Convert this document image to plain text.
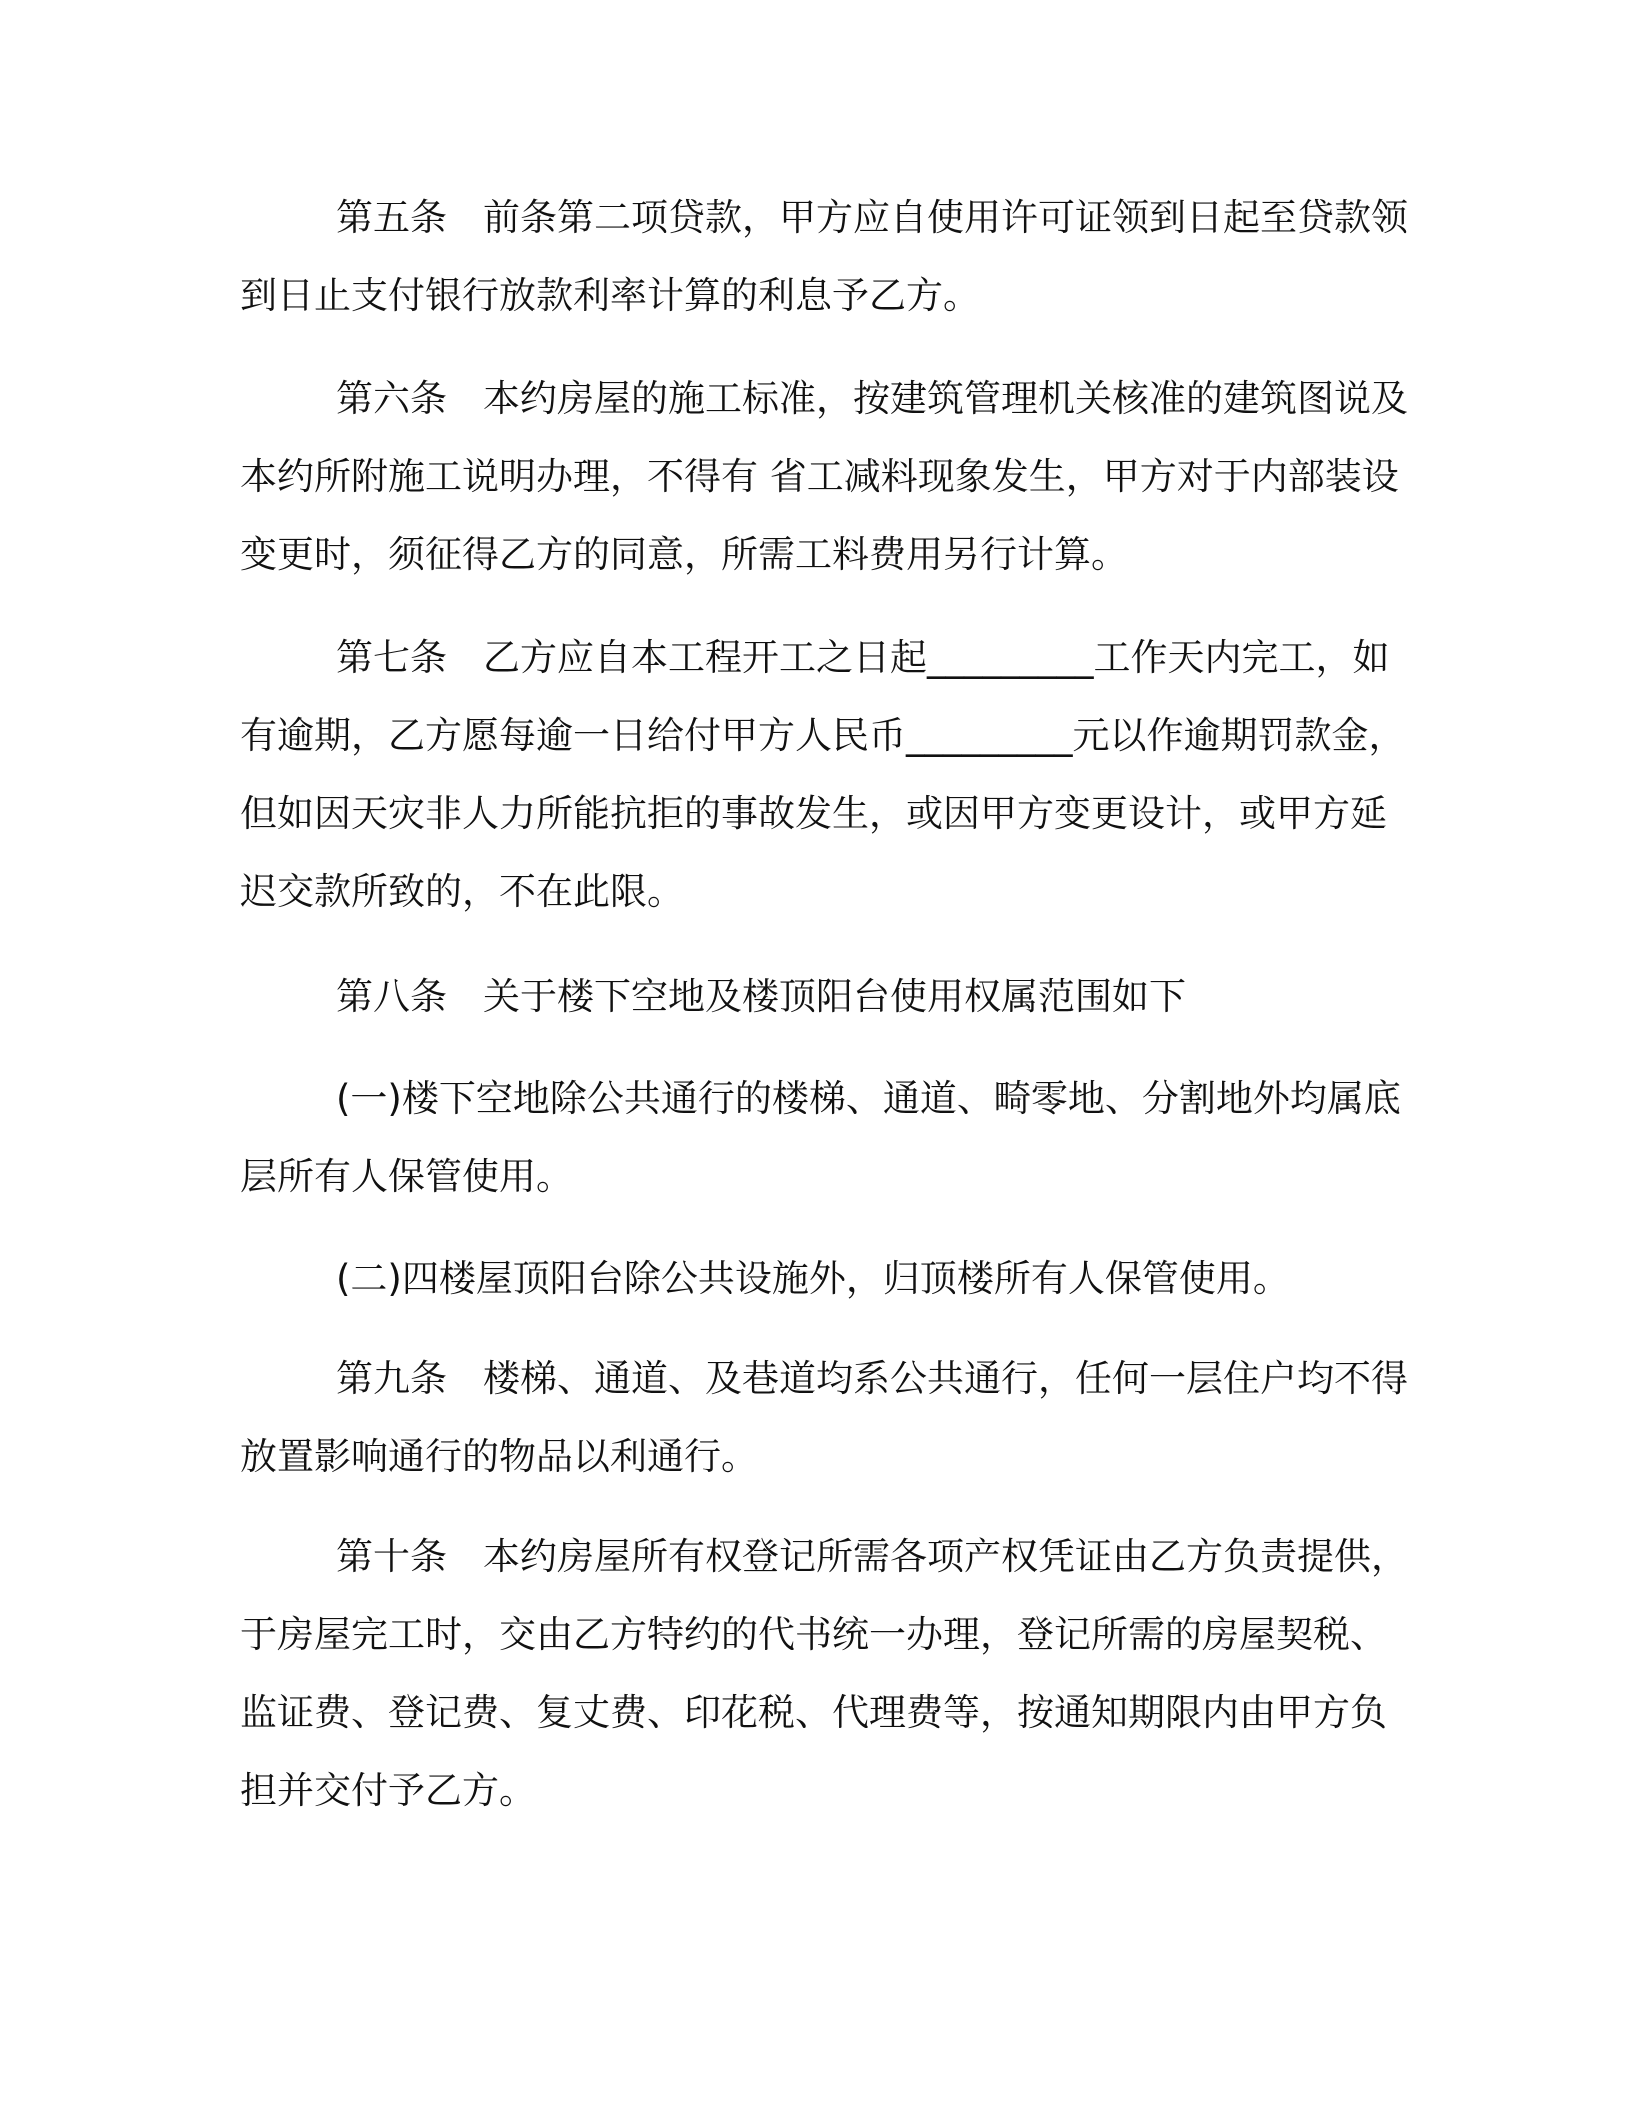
第五条 前条第二项贷款，甲方应自使用许可证领到日起至贷款领到日止支付银行放款利率计算的利息予乙方。

第六条 本约房屋的施工标准，按建筑管理机关核准的建筑图说及本约所附施工说明办理，不得有 省工减料现象发生，甲方对于内部装设变更时，须征得乙方的同意，所需工料费用另行计算。

第七条 乙方应自本工程开工之日起_________工作天内完工，如有逾期，乙方愿每逾一日给付甲方人民币_________元以作逾期罚款金，但如因天灾非人力所能抗拒的事故发生，或因甲方变更设计，或甲方延迟交款所致的，不在此限。

第八条 关于楼下空地及楼顶阳台使用权属范围如下

(一)楼下空地除公共通行的楼梯、通道、畸零地、分割地外均属底层所有人保管使用。

(二)四楼屋顶阳台除公共设施外，归顶楼所有人保管使用。

第九条 楼梯、通道、及巷道均系公共通行，任何一层住户均不得放置影响通行的物品以利通行。

第十条 本约房屋所有权登记所需各项产权凭证由乙方负责提供，于房屋完工时，交由乙方特约的代书统一办理，登记所需的房屋契税、监证费、登记费、复丈费、印花税、代理费等，按通知期限内由甲方负担并交付予乙方。
